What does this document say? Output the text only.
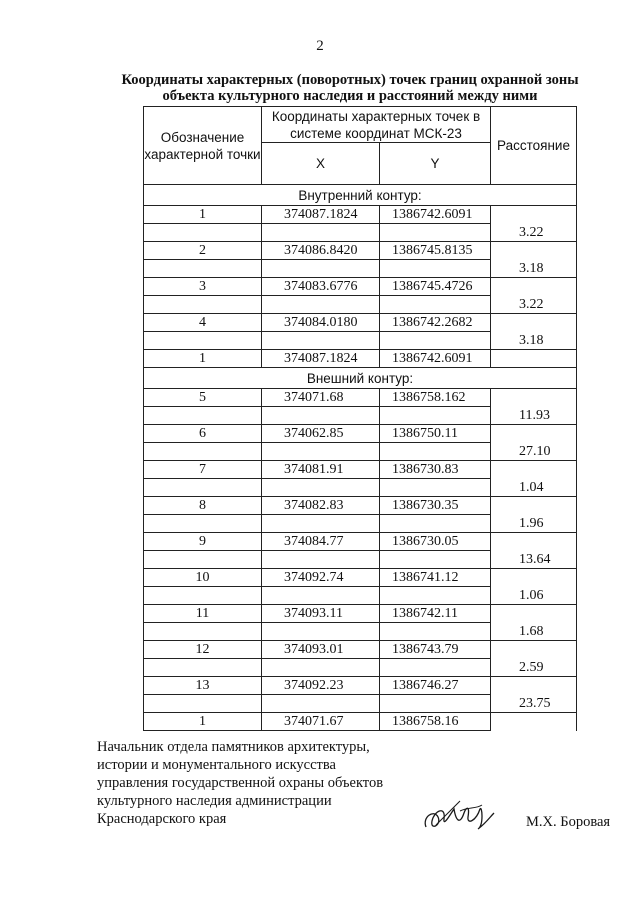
2
Координаты характерных (поворотных) точек границ охранной зоны
объекта культурного наследия и расстояний между ними
Обозначение характерной точки	Координаты характерных точек в системе координат МСК-23		Расстояние
	X	Y	
Внутренний контур:			
1	374087.1824	1386742.6091	
			3.22
2	374086.8420	1386745.8135	
			3.18
3	374083.6776	1386745.4726	
			3.22
4	374084.0180	1386742.2682	
			3.18
1	374087.1824	1386742.6091	
Внешний контур:			
5	374071.68	1386758.162	
			11.93
6	374062.85	1386750.11	
			27.10
7	374081.91	1386730.83	
			1.04
8	374082.83	1386730.35	
			1.96
9	374084.77	1386730.05	
			13.64
10	374092.74	1386741.12	
			1.06
11	374093.11	1386742.11	
			1.68
12	374093.01	1386743.79	
			2.59
13	374092.23	1386746.27	
			23.75
1	374071.67	1386758.16	
Начальник отдела памятников архитектуры,
истории и монументального искусства
управления государственной охраны объектов
культурного наследия администрации
Краснодарского края	М.Х. Боровая
